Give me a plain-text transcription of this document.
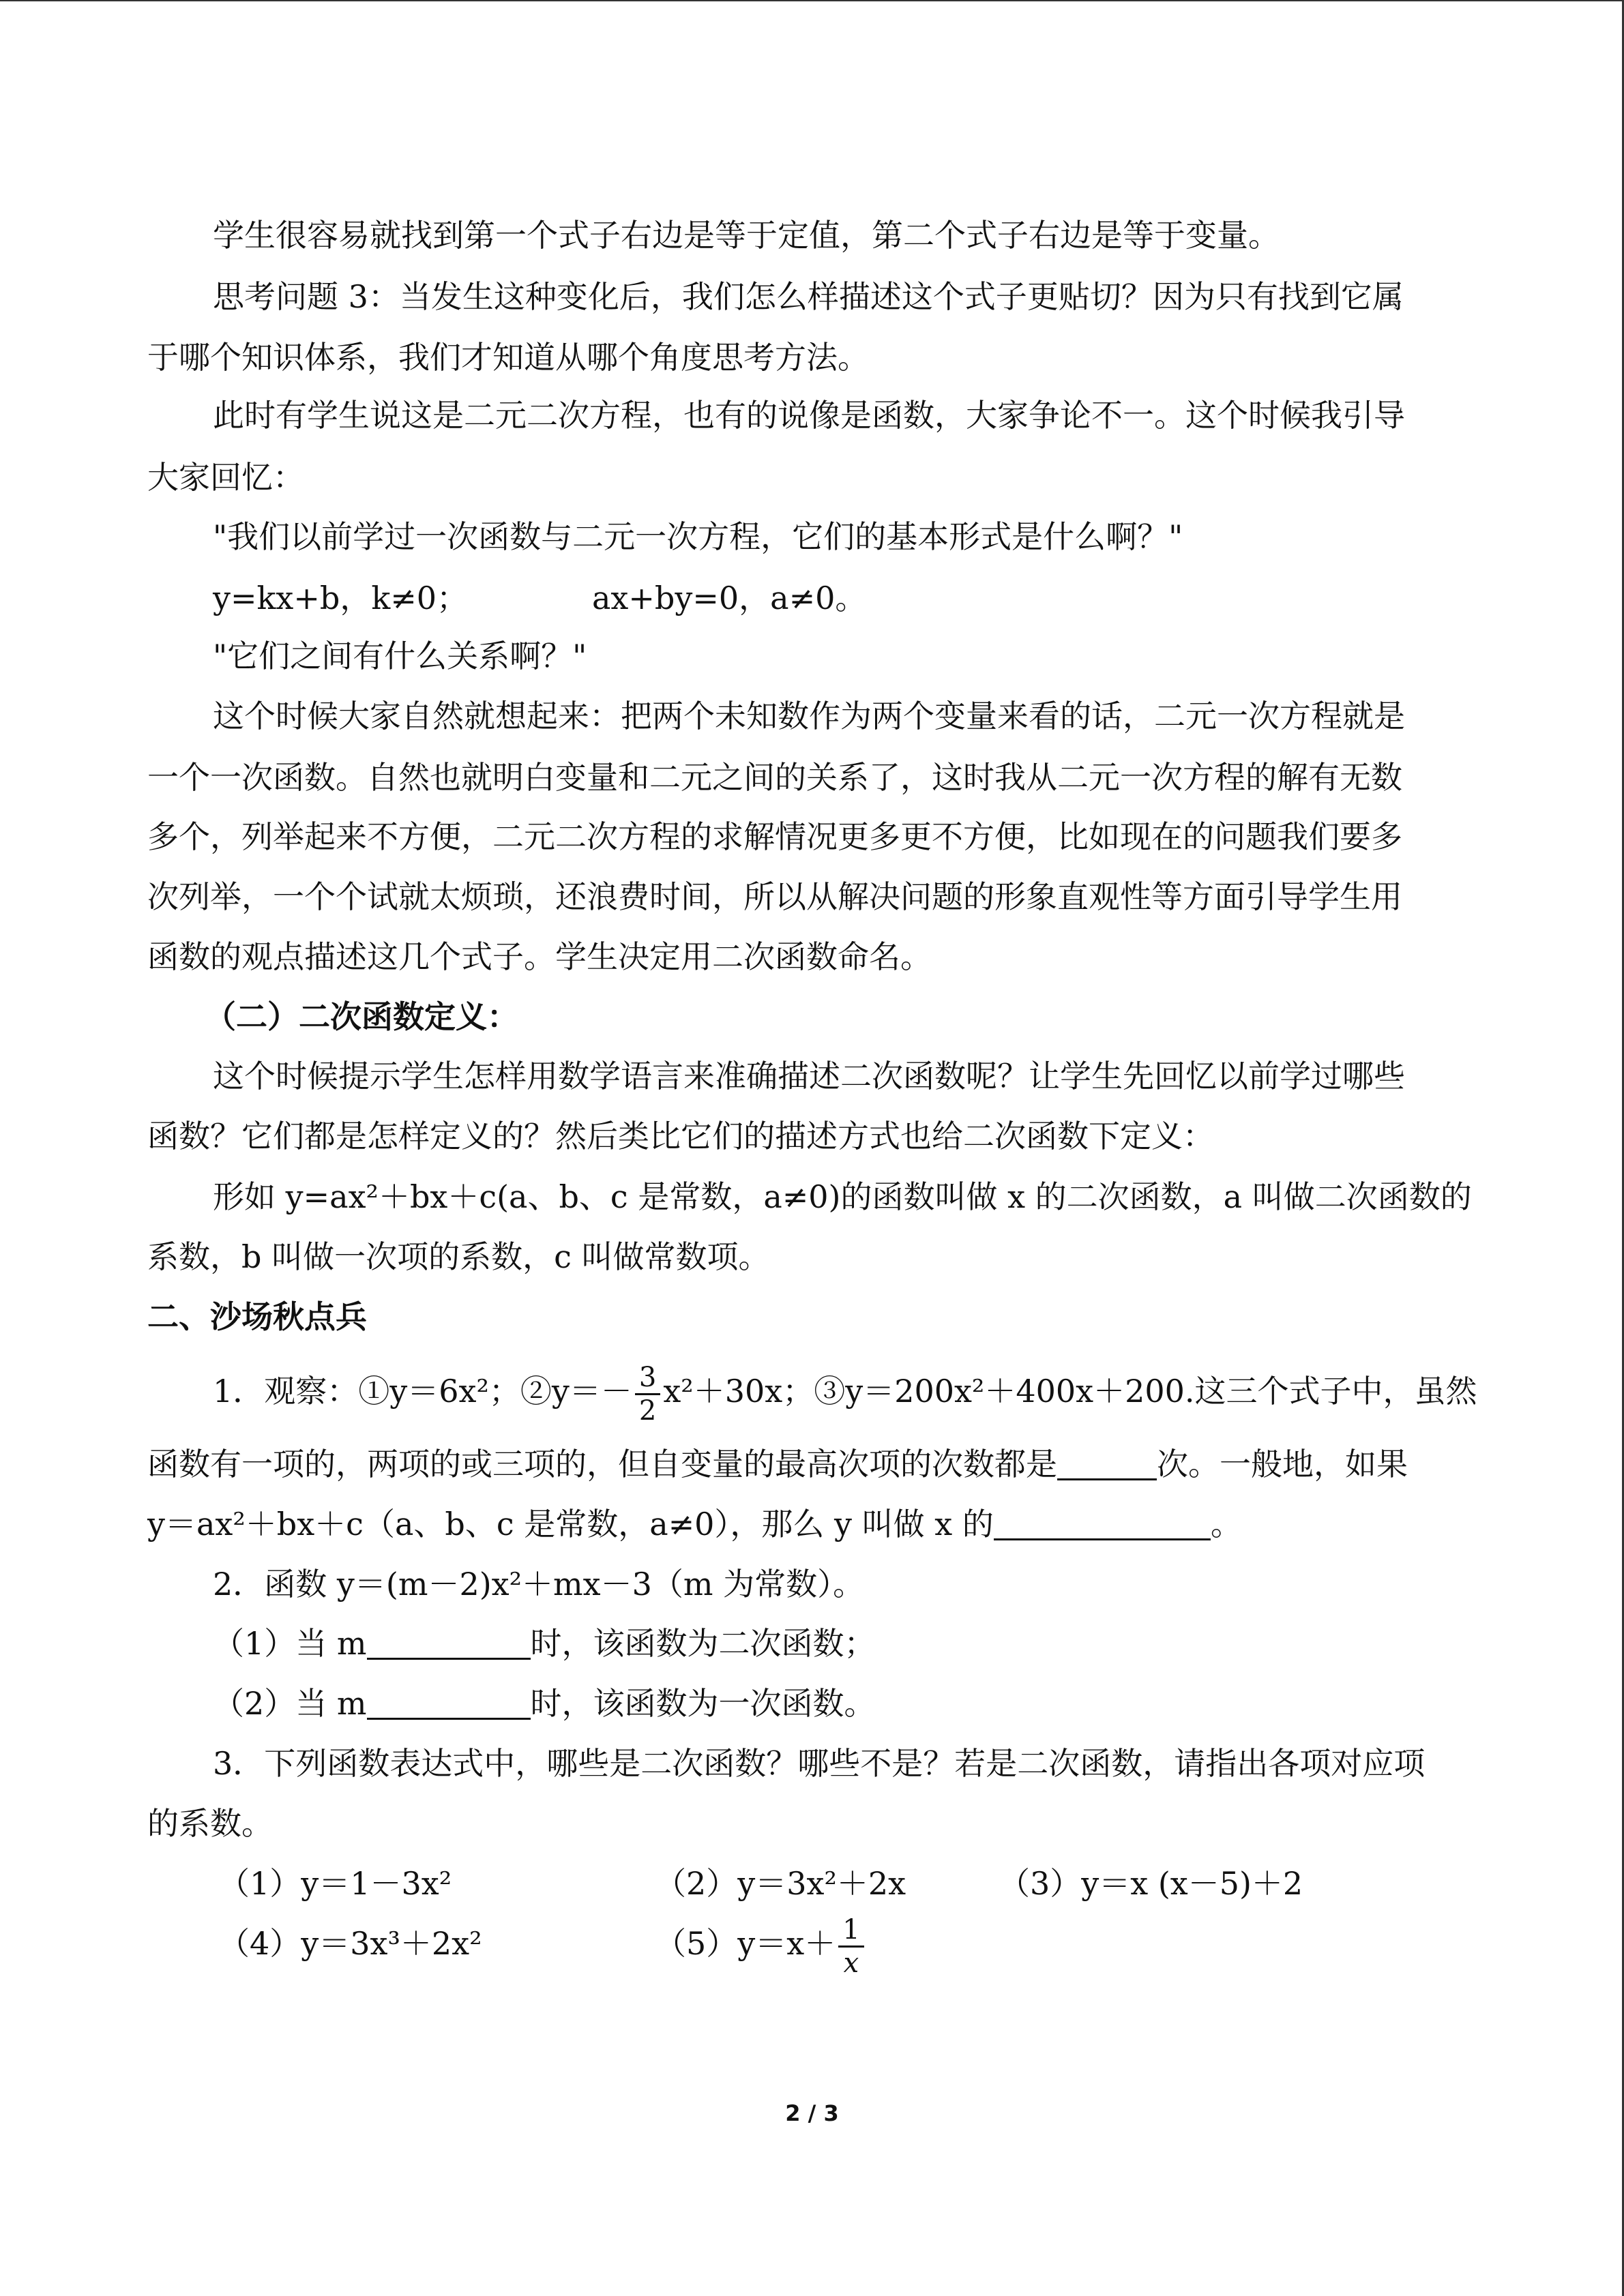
学生很容易就找到第一个式子右边是等于定值，第二个式子右边是等于变量。
思考问题 3：当发生这种变化后，我们怎么样描述这个式子更贴切？因为只有找到它属
于哪个知识体系，我们才知道从哪个角度思考方法。
此时有学生说这是二元二次方程，也有的说像是函数，大家争论不一。这个时候我引导
大家回忆：
"我们以前学过一次函数与二元一次方程，它们的基本形式是什么啊？"
y=kx+b，k≠0；	ax+by=0，a≠0。
"它们之间有什么关系啊？"
这个时候大家自然就想起来：把两个未知数作为两个变量来看的话，二元一次方程就是
一个一次函数。自然也就明白变量和二元之间的关系了，这时我从二元一次方程的解有无数
多个，列举起来不方便，二元二次方程的求解情况更多更不方便，比如现在的问题我们要多
次列举，一个个试就太烦琐，还浪费时间，所以从解决问题的形象直观性等方面引导学生用
函数的观点描述这几个式子。学生决定用二次函数命名。
（二）二次函数定义：
这个时候提示学生怎样用数学语言来准确描述二次函数呢？让学生先回忆以前学过哪些
函数？它们都是怎样定义的？然后类比它们的描述方式也给二次函数下定义：
形如 y=ax²＋bx＋c(a、b、c 是常数，a≠0)的函数叫做 x 的二次函数，a 叫做二次函数的
系数，b 叫做一次项的系数，c 叫做常数项。
二、沙场秋点兵
1．观察：①y＝6x²；②y＝－ $\frac{3}{2} x^2+30x$；③y＝200x²＋400x＋200.这三个式子中，虽然
函数有一项的，两项的或三项的，但自变量的最高次项的次数都是	次。一般地，如果
y＝ax²＋bx＋c（a、b、c 是常数，a≠0），那么 y 叫做 x 的	。
2．函数 y＝(m－2)x²＋mx－3（m 为常数）。
（1）当 m	时，该函数为二次函数；
（2）当 m	时，该函数为一次函数。
3．下列函数表达式中，哪些是二次函数？哪些不是？若是二次函数，请指出各项对应项
的系数。
（1）y＝1－3x²	（2）y＝3x²＋2x	（3）y＝x (x－5)＋2
（4）y＝3x³＋2x²	$(5)y=x+ \frac{1}{x}$
2 / 3
